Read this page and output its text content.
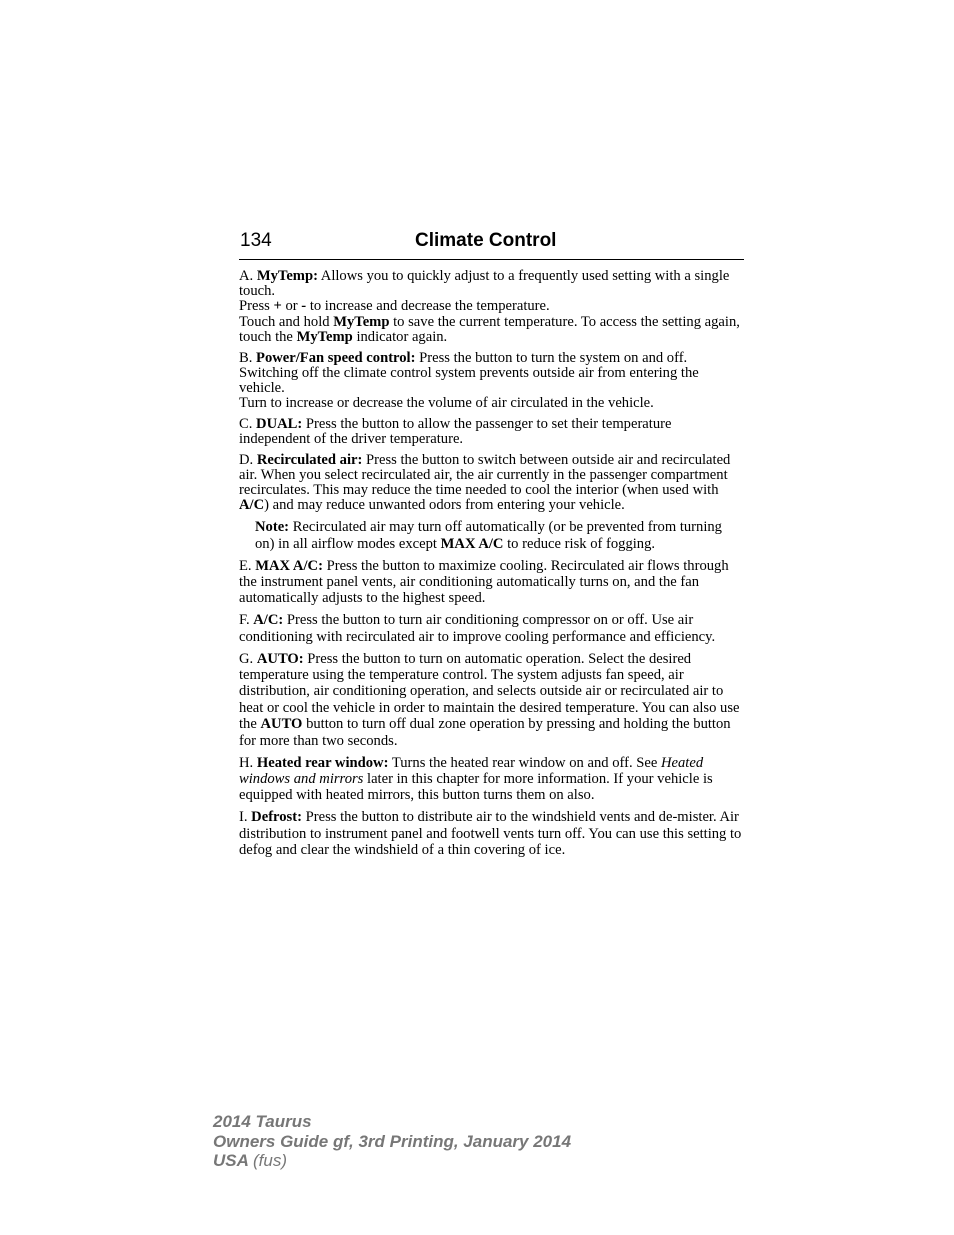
134	Climate Control

A. MyTemp: Allows you to quickly adjust to a frequently used setting with a single touch.
Press + or - to increase and decrease the temperature.
Touch and hold MyTemp to save the current temperature. To access the setting again, touch the MyTemp indicator again.

B. Power/Fan speed control: Press the button to turn the system on and off. Switching off the climate control system prevents outside air from entering the vehicle.
Turn to increase or decrease the volume of air circulated in the vehicle.

C. DUAL: Press the button to allow the passenger to set their temperature independent of the driver temperature.

D. Recirculated air: Press the button to switch between outside air and recirculated air. When you select recirculated air, the air currently in the passenger compartment recirculates. This may reduce the time needed to cool the interior (when used with A/C) and may reduce unwanted odors from entering your vehicle.

Note: Recirculated air may turn off automatically (or be prevented from turning on) in all airflow modes except MAX A/C to reduce risk of fogging.

E. MAX A/C: Press the button to maximize cooling. Recirculated air flows through the instrument panel vents, air conditioning automatically turns on, and the fan automatically adjusts to the highest speed.

F. A/C: Press the button to turn air conditioning compressor on or off. Use air conditioning with recirculated air to improve cooling performance and efficiency.

G. AUTO: Press the button to turn on automatic operation. Select the desired temperature using the temperature control. The system adjusts fan speed, air distribution, air conditioning operation, and selects outside air or recirculated air to heat or cool the vehicle in order to maintain the desired temperature. You can also use the AUTO button to turn off dual zone operation by pressing and holding the button for more than two seconds.

H. Heated rear window: Turns the heated rear window on and off. See Heated windows and mirrors later in this chapter for more information. If your vehicle is equipped with heated mirrors, this button turns them on also.

I. Defrost: Press the button to distribute air to the windshield vents and de-mister. Air distribution to instrument panel and footwell vents turn off. You can use this setting to defog and clear the windshield of a thin covering of ice.

2014 Taurus
Owners Guide gf, 3rd Printing, January 2014
USA (fus)
